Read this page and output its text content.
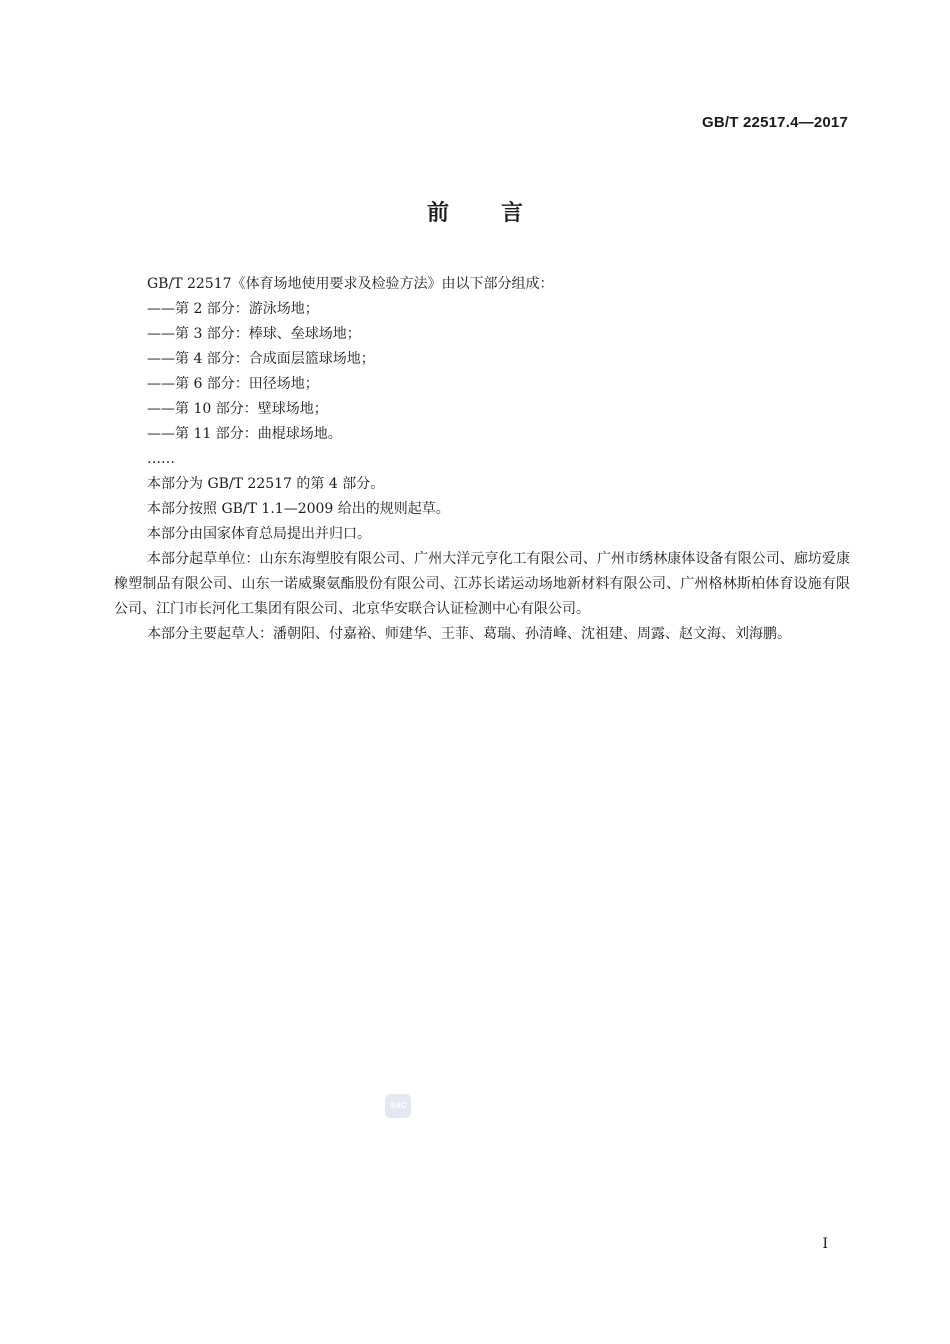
GB/T 22517.4—2017
前言

GB/T 22517《体育场地使用要求及检验方法》由以下部分组成：

——第 2 部分：游泳场地；

——第 3 部分：棒球、垒球场地；

——第 4 部分：合成面层篮球场地；

——第 6 部分：田径场地；

——第 10 部分：壁球场地；

——第 11 部分：曲棍球场地。

……

本部分为 GB/T 22517 的第 4 部分。

本部分按照 GB/T 1.1—2009 给出的规则起草。

本部分由国家体育总局提出并归口。

本部分起草单位：山东东海塑胶有限公司、广州大洋元亨化工有限公司、广州市绣林康体设备有限公司、廊坊爱康橡塑制品有限公司、山东一诺威聚氨酯股份有限公司、江苏长诺运动场地新材料有限公司、广州格林斯柏体育设施有限公司、江门市长河化工集团有限公司、北京华安联合认证检测中心有限公司。

本部分主要起草人：潘朝阳、付嘉裕、师建华、王菲、葛瑞、孙清峰、沈祖建、周露、赵文海、刘海鹏。

SAC
I
